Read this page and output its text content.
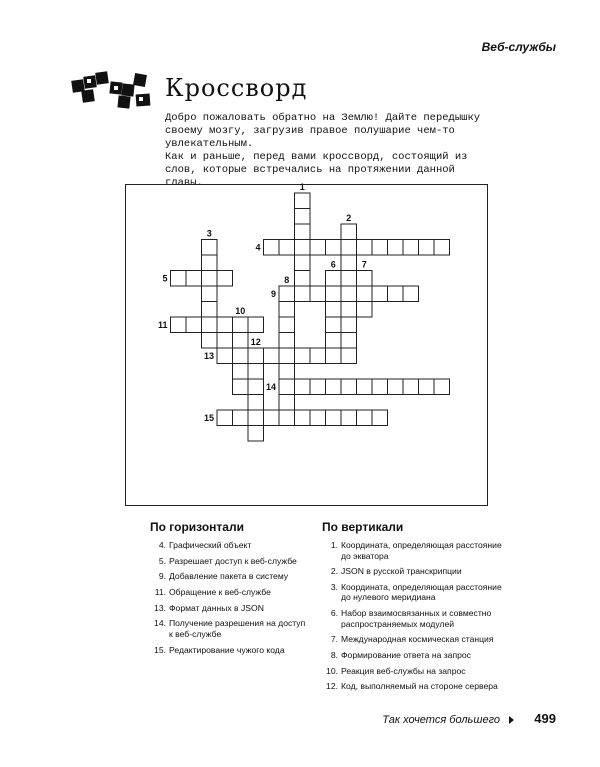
Веб-службы
Кроссворд

Добро пожаловать обратно на Землю! Дайте передышку своему мозгу, загрузив правое полушарие чем-то увлекательным.

Как и раньше, перед вами кроссворд, состоящий из слов, которые встречались на протяжении данной главы.	1
2
3
4
5
6	7
8
9
10
11
12
13
14
15
По горизонтали	По вертикали
4. Графический объект
5. Разрешает доступ к веб-службе
9. Добавление пакета в систему
11. Обращение к веб-службе
13. Формат данных в JSON
14. Получение разрешения на доступ к веб-службе
15. Редактирование чужого кода
1. Координата, определяющая расстояние до экватора
2. JSON в русской транскрипции
3. Координата, определяющая расстояние до нулевого меридиана
6. Набор взаимосвязанных и совместно распространяемых модулей
7. Международная космическая станция
8. Формирование ответа на запрос
10. Реакция веб-службы на запрос
12. Код, выполняемый на стороне сервера
Так хочется большего	499
